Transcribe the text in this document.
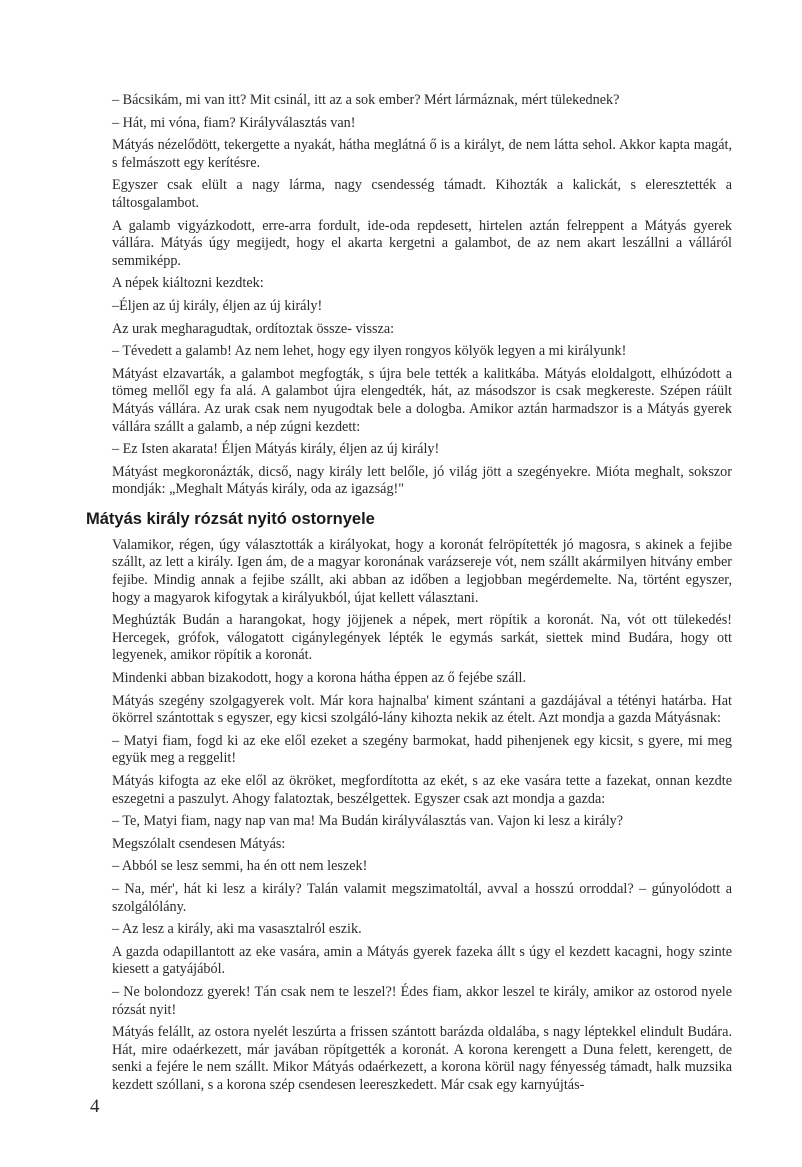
– Bácsikám, mi van itt? Mit csinál, itt az a sok ember? Mért lármáznak, mért tülekednek?

– Hát, mi vóna, fiam? Királyválasztás van!

Mátyás nézelődött, tekergette a nyakát, hátha meglátná ő is a királyt, de nem látta sehol. Akkor kapta magát, s felmászott egy kerítésre.

Egyszer csak elült a nagy lárma, nagy csendesség támadt. Kihozták a kalickát, s eleresztették a táltosgalambot.

A galamb vigyázkodott, erre-arra fordult, ide-oda repdesett, hirtelen aztán felreppent a Mátyás gyerek vállára. Mátyás úgy megijedt, hogy el akarta kergetni a galambot, de az nem akart leszállni a válláról semmiképp.

A népek kiáltozni kezdtek:

–Éljen az új király, éljen az új király!

Az urak megharagudtak, ordítoztak össze- vissza:

– Tévedett a galamb! Az nem lehet, hogy egy ilyen rongyos kölyök legyen a mi királyunk!

Mátyást elzavarták, a galambot megfogták, s újra bele tették a kalitkába. Mátyás eloldalgott, elhúzódott a tömeg mellől egy fa alá. A galambot újra elengedték, hát, az másodszor is csak megkereste. Szépen ráült Mátyás vállára. Az urak csak nem nyugodtak bele a dologba. Amikor aztán harmadszor is a Mátyás gyerek vállára szállt a galamb, a nép zúgni kezdett:

– Ez Isten akarata! Éljen Mátyás király, éljen az új király!

Mátyást megkoronázták, dicső, nagy király lett belőle, jó világ jött a szegényekre. Mióta meghalt, sokszor mondják: „Meghalt Mátyás király, oda az igazság!"

Mátyás király rózsát nyitó ostornyele

Valamikor, régen, úgy választották a királyokat, hogy a koronát felröpítették jó magosra, s akinek a fejibe szállt, az lett a király. Igen ám, de a magyar koronának varázsereje vót, nem szállt akármilyen hitvány ember fejibe. Mindig annak a fejibe szállt, aki abban az időben a legjobban megérdemelte. Na, történt egyszer, hogy a magyarok kifogytak a királyukból, újat kellett választani.

Meghúzták Budán a harangokat, hogy jöjjenek a népek, mert röpítik a koronát. Na, vót ott tülekedés! Hercegek, grófok, válogatott cigánylegények lépték le egymás sarkát, siettek mind Budára, hogy ott legyenek, amikor röpítik a koronát.

Mindenki abban bizakodott, hogy a korona hátha éppen az ő fejébe száll.

Mátyás szegény szolgagyerek volt. Már kora hajnalba' kiment szántani a gazdájával a tétényi határba. Hat ökörrel szántottak s egyszer, egy kicsi szolgáló-lány kihozta nekik az ételt. Azt mondja a gazda Mátyásnak:

– Matyi fiam, fogd ki az eke elől ezeket a szegény barmokat, hadd pihenjenek egy kicsit, s gyere, mi meg együk meg a reggelit!

Mátyás kifogta az eke elől az ökröket, megfordította az ekét, s az eke vasára tette a fazekat, onnan kezdte eszegetni a paszulyt. Ahogy falatoztak, beszélgettek. Egyszer csak azt mondja a gazda:

– Te, Matyi fiam, nagy nap van ma! Ma Budán királyválasztás van. Vajon ki lesz a király?

Megszólalt csendesen Mátyás:

– Abból se lesz semmi, ha én ott nem leszek!

– Na, mér', hát ki lesz a király? Talán valamit megszimatoltál, avval a hosszú orroddal? – gúnyolódott a szolgálólány.

– Az lesz a király, aki ma vasasztalról eszik.

A gazda odapillantott az eke vasára, amin a Mátyás gyerek fazeka állt s úgy el kezdett kacagni, hogy szinte kiesett a gatyájából.

– Ne bolondozz gyerek! Tán csak nem te leszel?! Édes fiam, akkor leszel te király, amikor az ostorod nyele rózsát nyit!

Mátyás felállt, az ostora nyelét leszúrta a frissen szántott barázda oldalába, s nagy léptekkel elindult Budára. Hát, mire odaérkezett, már javában röpítgették a koronát. A korona kerengett a Duna felett, kerengett, de senki a fejére le nem szállt. Mikor Mátyás odaérkezett, a korona körül nagy fényesség támadt, halk muzsika kezdett szóllani, s a korona szép csendesen leereszkedett. Már csak egy karnyújtás-

4
